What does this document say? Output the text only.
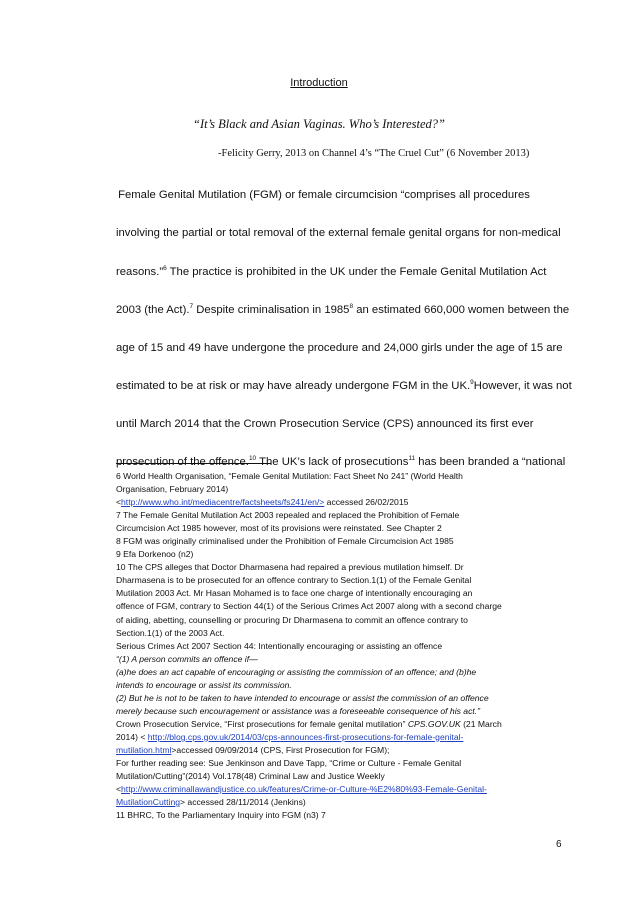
Introduction
“It’s Black and Asian Vaginas. Who’s Interested?”
-Felicity Gerry, 2013 on Channel 4’s “The Cruel Cut” (6 November 2013)
Female Genital Mutilation (FGM) or female circumcision “comprises all procedures
involving the partial or total removal of the external female genital organs for non-medical
reasons.”$^6$ The practice is prohibited in the UK under the Female Genital Mutilation Act
2003 (the Act).$^7$ Despite criminalisation in 1985$^8$ an estimated 660,000 women between the
age of 15 and 49 have undergone the procedure and 24,000 girls under the age of 15 are
estimated to be at risk or may have already undergone FGM in the UK.$^9$However, it was not
until March 2014 that the Crown Prosecution Service (CPS) announced its first ever
prosecution of the offence.$^{10}$ The UK’s lack of prosecutions$^{11}$ has been branded a “national
6 World Health Organisation, “Female Genital Mutilation: Fact Sheet No 241” (World Health
Organisation, February 2014)
<http://www.who.int/mediacentre/factsheets/fs241/en/> accessed 26/02/2015
7 The Female Genital Mutilation Act 2003 repealed and replaced the Prohibition of Female
Circumcision Act 1985 however, most of its provisions were reinstated. See Chapter 2
8 FGM was originally criminalised under the Prohibition of Female Circumcision Act 1985
9 Efa Dorkenoo (n2)
10 The CPS alleges that Doctor Dharmasena had repaired a previous mutilation himself. Dr
Dharmasena is to be prosecuted for an offence contrary to Section.1(1) of the Female Genital
Mutilation 2003 Act. Mr Hasan Mohamed is to face one charge of intentionally encouraging an
offence of FGM, contrary to Section 44(1) of the Serious Crimes Act 2007 along with a second charge
of aiding, abetting, counselling or procuring Dr Dharmasena to commit an offence contrary to
Section.1(1) of the 2003 Act.
Serious Crimes Act 2007 Section 44: Intentionally encouraging or assisting an offence
“(1) A person commits an offence if—
(a)he does an act capable of encouraging or assisting the commission of an offence; and (b)he
intends to encourage or assist its commission.
(2) But he is not to be taken to have intended to encourage or assist the commission of an offence
merely because such encouragement or assistance was a foreseeable consequence of his act.”
Crown Prosecution Service, “First prosecutions for female genital mutilation” CPS.GOV.UK (21 March
2014) < http://blog.cps.gov.uk/2014/03/cps-announces-first-prosecutions-for-female-genital-
mutilation.html>accessed 09/09/2014 (CPS, First Prosecution for FGM);
For further reading see: Sue Jenkinson and Dave Tapp, “Crime or Culture - Female Genital
Mutilation/Cutting”(2014) Vol.178(48) Criminal Law and Justice Weekly
<http://www.criminallawandjustice.co.uk/features/Crime-or-Culture-%E2%80%93-Female-Genital-
MutilationCutting> accessed 28/11/2014 (Jenkins)
11 BHRC, To the Parliamentary Inquiry into FGM (n3) 7
6
